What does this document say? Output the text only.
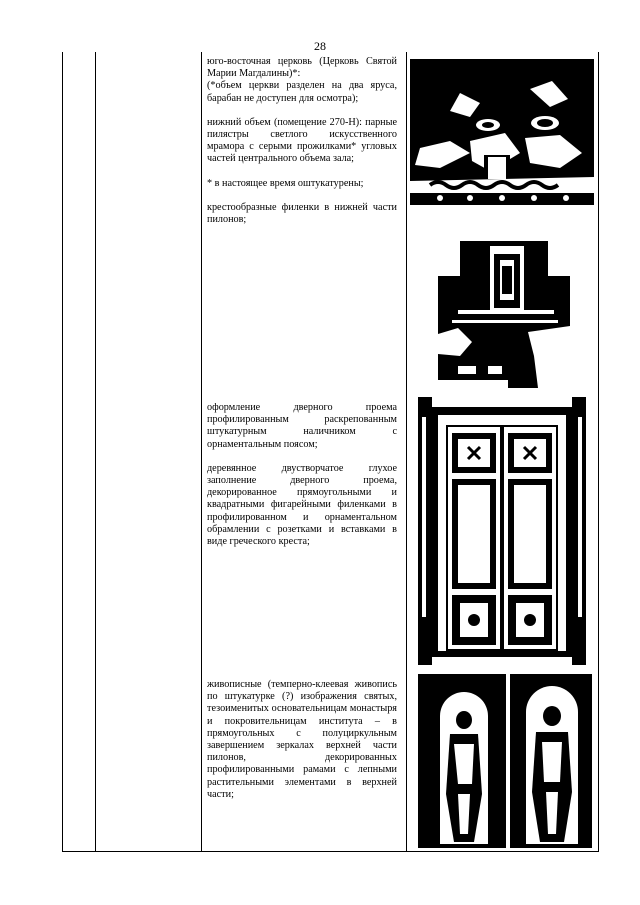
28

юго-восточная церковь (Церковь Святой Марии Магдалины)*:

(*объем церкви разделен на два яруса, барабан не доступен для осмотра);

нижний объем (помещение 270-Н): парные пилястры светлого искусственного мрамора с серыми прожилками* угловых частей центрального объема зала;

* в настоящее время оштукатурены;

крестообразные филенки в нижней части пилонов;

оформление дверного проема профилированным раскрепованным штукатурным наличником с орнаментальным поясом;

деревянное двустворчатое глухое заполнение дверного проема, декорированное прямоугольными и квадратными фигарейными филенками в профилированном и орнаментальном обрамлении с розетками и вставками в виде греческого креста;

живописные (темперно-клеевая живопись по штукатурке (?) изображения святых, тезоименитых основательницам монастыря и покровительницам института – в прямоугольных с полуциркульным завершением зеркалах верхней части пилонов, декорированных профилированными рамами с лепными растительными элементами в верхней части;
